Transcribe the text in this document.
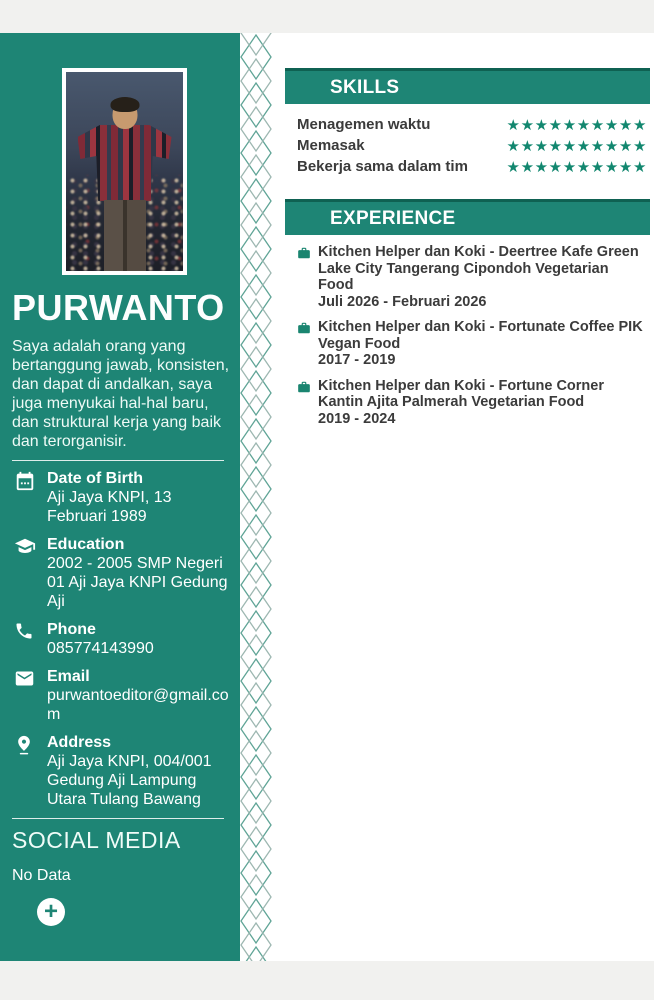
PURWANTO

Saya adalah orang yang bertanggung jawab, konsisten, dan dapat di andalkan, saya juga menyukai hal-hal baru, dan struktural kerja yang baik dan terorganisir.

Date of Birth
Aji Jaya KNPI, 13 Februari 1989
Education
2002 - 2005 SMP Negeri 01 Aji Jaya KNPI Gedung Aji
Phone
085774143990
Email
purwantoeditor@gmail.com
Address
Aji Jaya KNPI, 004/001 Gedung Aji Lampung Utara Tulang Bawang
SOCIAL MEDIA
No Data
+
SKILLS
Menagemen waktu	★★★★★★★★★★
Memasak	★★★★★★★★★★
Bekerja sama dalam tim	★★★★★★★★★★
EXPERIENCE
Kitchen Helper dan Koki - Deertree Kafe Green Lake City Tangerang Cipondoh Vegetarian Food
Juli 2026 - Februari 2026
Kitchen Helper dan Koki - Fortunate Coffee PIK Vegan Food
2017 - 2019
Kitchen Helper dan Koki - Fortune Corner Kantin Ajita Palmerah Vegetarian Food
2019 - 2024
